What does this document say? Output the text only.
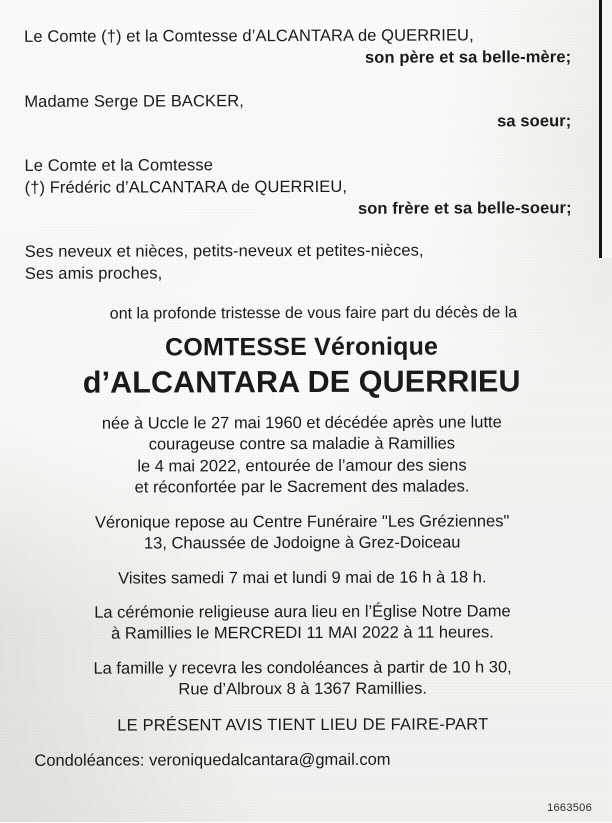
Le Comte (†) et la Comtesse d’ALCANTARA de QUERRIEU,
son père et sa belle-mère;
Madame Serge DE BACKER,
sa soeur;
Le Comte et la Comtesse
(†) Frédéric d’ALCANTARA de QUERRIEU,
son frère et sa belle-soeur;
Ses neveux et nièces, petits-neveux et petites-nièces,
Ses amis proches,
ont la profonde tristesse de vous faire part du décès de la
COMTESSE Véronique
d’ALCANTARA DE QUERRIEU
née à Uccle le 27 mai 1960 et décédée après une lutte
courageuse contre sa maladie à Ramillies
le 4 mai 2022, entourée de l’amour des siens
et réconfortée par le Sacrement des malades.
Véronique repose au Centre Funéraire "Les Gréziennes"
13, Chaussée de Jodoigne à Grez-Doiceau
Visites samedi 7 mai et lundi 9 mai de 16 h à 18 h.
La cérémonie religieuse aura lieu en l’Église Notre Dame
à Ramillies le MERCREDI 11 MAI 2022 à 11 heures.
La famille y recevra les condoléances à partir de 10 h 30,
Rue d’Albroux 8 à 1367 Ramillies.
LE PRÉSENT AVIS TIENT LIEU DE FAIRE-PART
Condoléances: veroniquedalcantara@gmail.com
1663506
